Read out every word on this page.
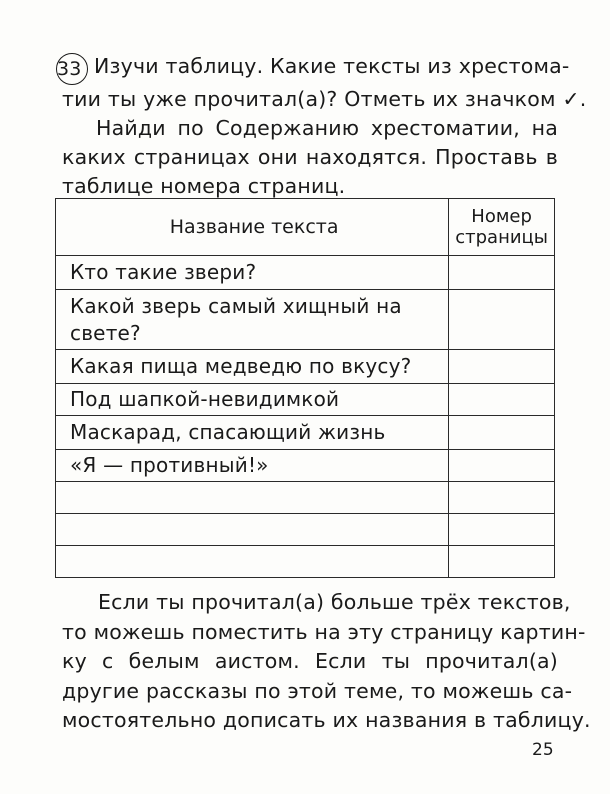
33 Изучи таблицу. Какие тексты из хрестома-
тии ты уже прочитал(а)? Отметь их значком ✓.
Найди по Содержанию хрестоматии, на
каких страницах они находятся. Проставь в
таблице номера страниц.
Название текста	Номер страницы
Кто такие звери?	
Какой зверь самый хищный на свете?	
Какая пища медведю по вкусу?	
Под шапкой-невидимкой	
Маскарад, спасающий жизнь	
«Я — противный!»	

Если ты прочитал(а) больше трёх текстов,
то можешь поместить на эту страницу картин-
ку с белым аистом. Если ты прочитал(а)
другие рассказы по этой теме, то можешь са-
мостоятельно дописать их названия в таблицу.
25
